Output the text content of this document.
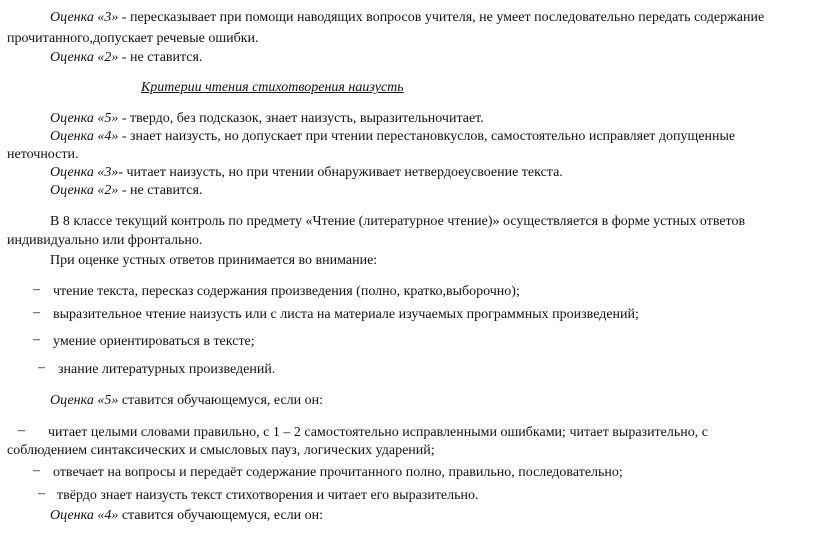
Оценка «3» - пересказывает при помощи наводящих вопросов учителя, не умеет последовательно передать содержание
прочитанного,допускает речевые ошибки.
Оценка «2» - не ставится.
Критерии чтения стихотворения наизусть
Оценка «5» - твердо, без подсказок, знает наизусть, выразительночитает.
Оценка «4» - знает наизусть, но допускает при чтении перестановкуслов, самостоятельно исправляет допущенные
неточности.
Оценка «3»- читает наизусть, но при чтении обнаруживает нетвердоеусвоение текста.
Оценка «2» - не ставится.
В 8 классе текущий контроль по предмету «Чтение (литературное чтение)» осуществляется в форме устных ответов
индивидуально или фронтально.
При оценке устных ответов принимается во внимание:
– чтение текста, пересказ содержания произведения (полно, кратко,выборочно);
– выразительное чтение наизусть или с листа на материале изучаемых программных произведений;
– умение ориентироваться в тексте;
– знание литературных произведений.
Оценка «5» ставится обучающемуся, если он:
– читает целыми словами правильно, с 1 – 2 самостоятельно исправленными ошибками; читает выразительно, с
соблюдением синтаксических и смысловых пауз, логических ударений;
– отвечает на вопросы и передаёт содержание прочитанного полно, правильно, последовательно;
– твёрдо знает наизусть текст стихотворения и читает его выразительно.
Оценка «4» ставится обучающемуся, если он:
